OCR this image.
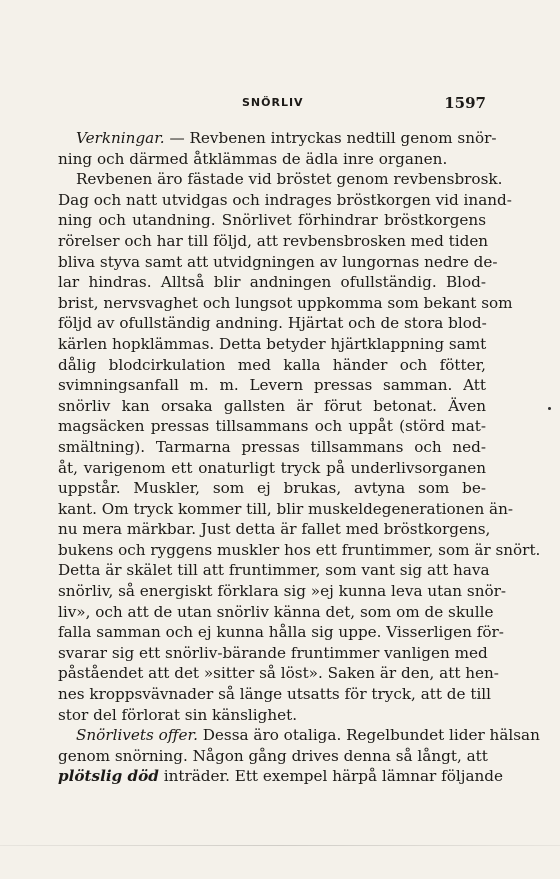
SNÖRLIV	1597
Verkningar. — Revbenen intryckas nedtill genom snör-
ning och därmed åtklämmas de ädla inre organen.
Revbenen äro fästade vid bröstet genom revbensbrosk.
Dag och natt utvidgas och indrages bröstkorgen vid inand-
ning och utandning. Snörlivet förhindrar bröstkorgens
rörelser och har till följd, att revbensbrosken med tiden
bliva styva samt att utvidgningen av lungornas nedre de-
lar hindras. Alltså blir andningen ofullständig. Blod-
brist, nervsvaghet och lungsot uppkomma som bekant som
följd av ofullständig andning. Hjärtat och de stora blod-
kärlen hopklämmas. Detta betyder hjärtklappning samt
dålig blodcirkulation med kalla händer och fötter,
svimningsanfall m. m. Levern pressas samman. Att
snörliv kan orsaka gallsten är förut betonat. Även
magsäcken pressas tillsammans och uppåt (störd mat-
smältning). Tarmarna pressas tillsammans och ned-
åt, varigenom ett onaturligt tryck på underlivsorganen
uppstår. Muskler, som ej brukas, avtyna som be-
kant. Om tryck kommer till, blir muskeldegenerationen än-
nu mera märkbar. Just detta är fallet med bröstkorgens,
bukens och ryggens muskler hos ett fruntimmer, som är snört.
Detta är skälet till att fruntimmer, som vant sig att hava
snörliv, så energiskt förklara sig »ej kunna leva utan snör-
liv», och att de utan snörliv känna det, som om de skulle
falla samman och ej kunna hålla sig uppe. Visserligen för-
svarar sig ett snörliv-bärande fruntimmer vanligen med
påståendet att det »sitter så löst». Saken är den, att hen-
nes kroppsvävnader så länge utsatts för tryck, att de till
stor del förlorat sin känslighet.
Snörlivets offer. Dessa äro otaliga. Regelbundet lider hälsan
genom snörning. Någon gång drives denna så långt, att
plötslig död inträder. Ett exempel härpå lämnar följande
